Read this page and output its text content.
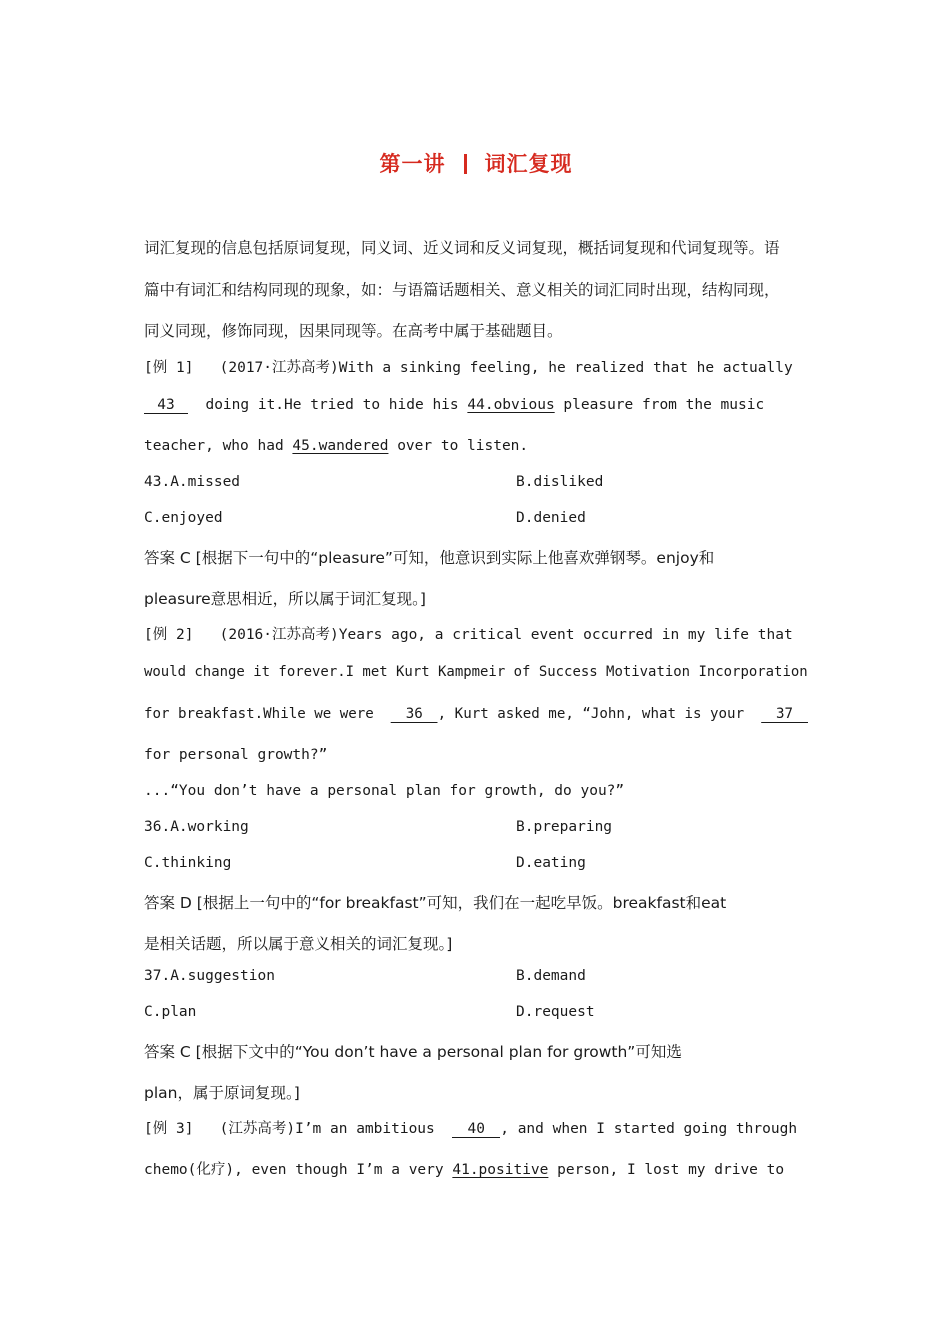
第一讲 词汇复现
词汇复现的信息包括原词复现，同义词、近义词和反义词复现，概括词复现和代词复现等。语
篇中有词汇和结构同现的现象，如：与语篇话题相关、意义相关的词汇同时出现，结构同现，
同义同现，修饰同现，因果同现等。在高考中属于基础题目。
[例 1] (2017·江苏高考)With a sinking feeling, he realized that he actually
43 doing it.He tried to hide his 44.obvious pleasure from the music
teacher, who had 45.wandered over to listen.
43.A.missed	B.disliked
C.enjoyed	D.denied
答案 C [根据下一句中的“pleasure”可知，他意识到实际上他喜欢弹钢琴。enjoy和
pleasure意思相近，所以属于词汇复现。]
[例 2] (2016·江苏高考)Years ago, a critical event occurred in my life that
would change it forever.I met Kurt Kampmeir of Success Motivation Incorporation
for breakfast.While we were 36 , Kurt asked me, “John, what is your 37
for personal growth?”
...“You don’t have a personal plan for growth, do you?”
36.A.working	B.preparing
C.thinking	D.eating
答案 D [根据上一句中的“for breakfast”可知，我们在一起吃早饭。breakfast和eat
是相关话题，所以属于意义相关的词汇复现。]
37.A.suggestion	B.demand
C.plan	D.request
答案 C [根据下文中的“You don’t have a personal plan for growth”可知选
plan，属于原词复现。]
[例 3] (江苏高考)I’m an ambitious 40 , and when I started going through
chemo(化疗), even though I’m a very 41.positive person, I lost my drive to
